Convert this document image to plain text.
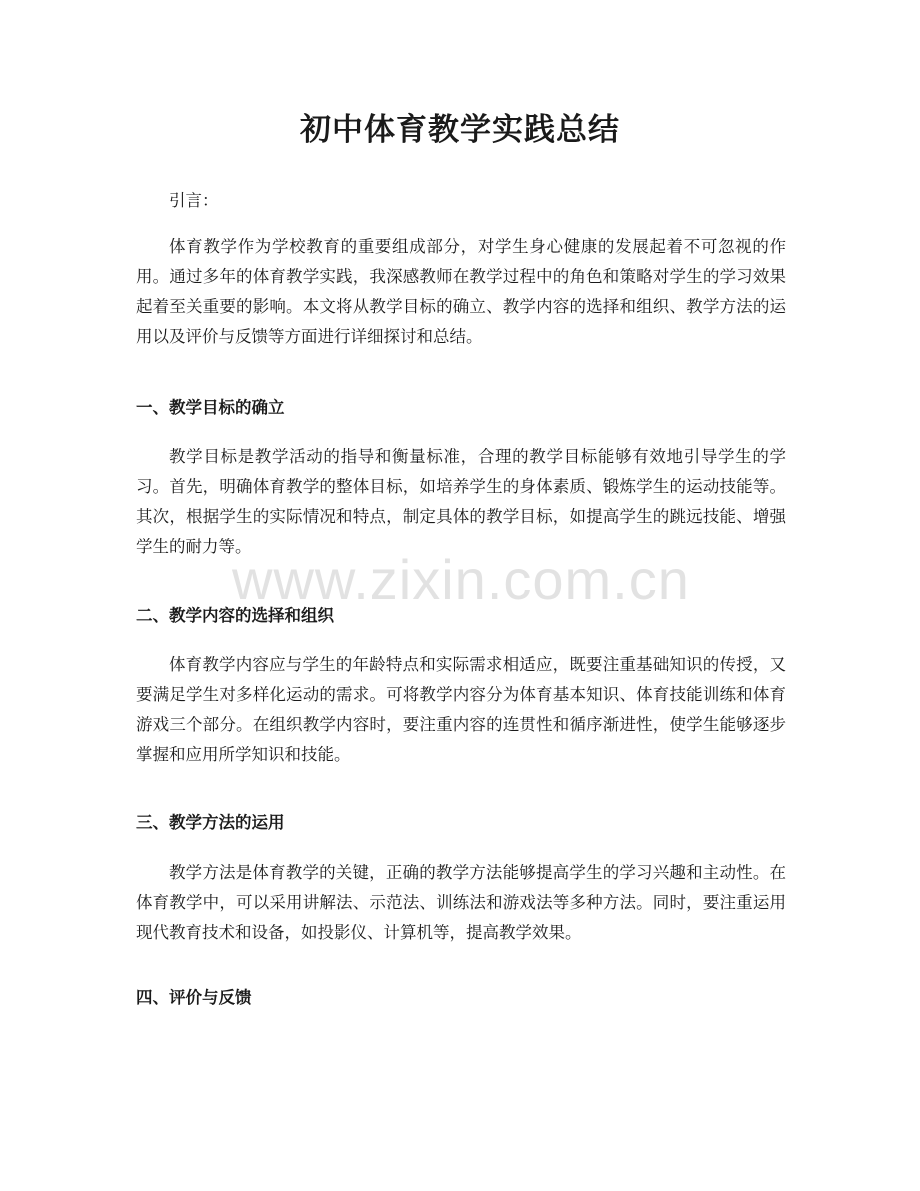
初中体育教学实践总结

引言：

体育教学作为学校教育的重要组成部分，对学生身心健康的发展起着不可忽视的作用。通过多年的体育教学实践，我深感教师在教学过程中的角色和策略对学生的学习效果起着至关重要的影响。本文将从教学目标的确立、教学内容的选择和组织、教学方法的运用以及评价与反馈等方面进行详细探讨和总结。

一、教学目标的确立

教学目标是教学活动的指导和衡量标准，合理的教学目标能够有效地引导学生的学习。首先，明确体育教学的整体目标，如培养学生的身体素质、锻炼学生的运动技能等。其次，根据学生的实际情况和特点，制定具体的教学目标，如提高学生的跳远技能、增强学生的耐力等。

二、教学内容的选择和组织

体育教学内容应与学生的年龄特点和实际需求相适应，既要注重基础知识的传授，又要满足学生对多样化运动的需求。可将教学内容分为体育基本知识、体育技能训练和体育游戏三个部分。在组织教学内容时，要注重内容的连贯性和循序渐进性，使学生能够逐步掌握和应用所学知识和技能。

三、教学方法的运用

教学方法是体育教学的关键，正确的教学方法能够提高学生的学习兴趣和主动性。在体育教学中，可以采用讲解法、示范法、训练法和游戏法等多种方法。同时，要注重运用现代教育技术和设备，如投影仪、计算机等，提高教学效果。

四、评价与反馈
www.zixin.com.cn
